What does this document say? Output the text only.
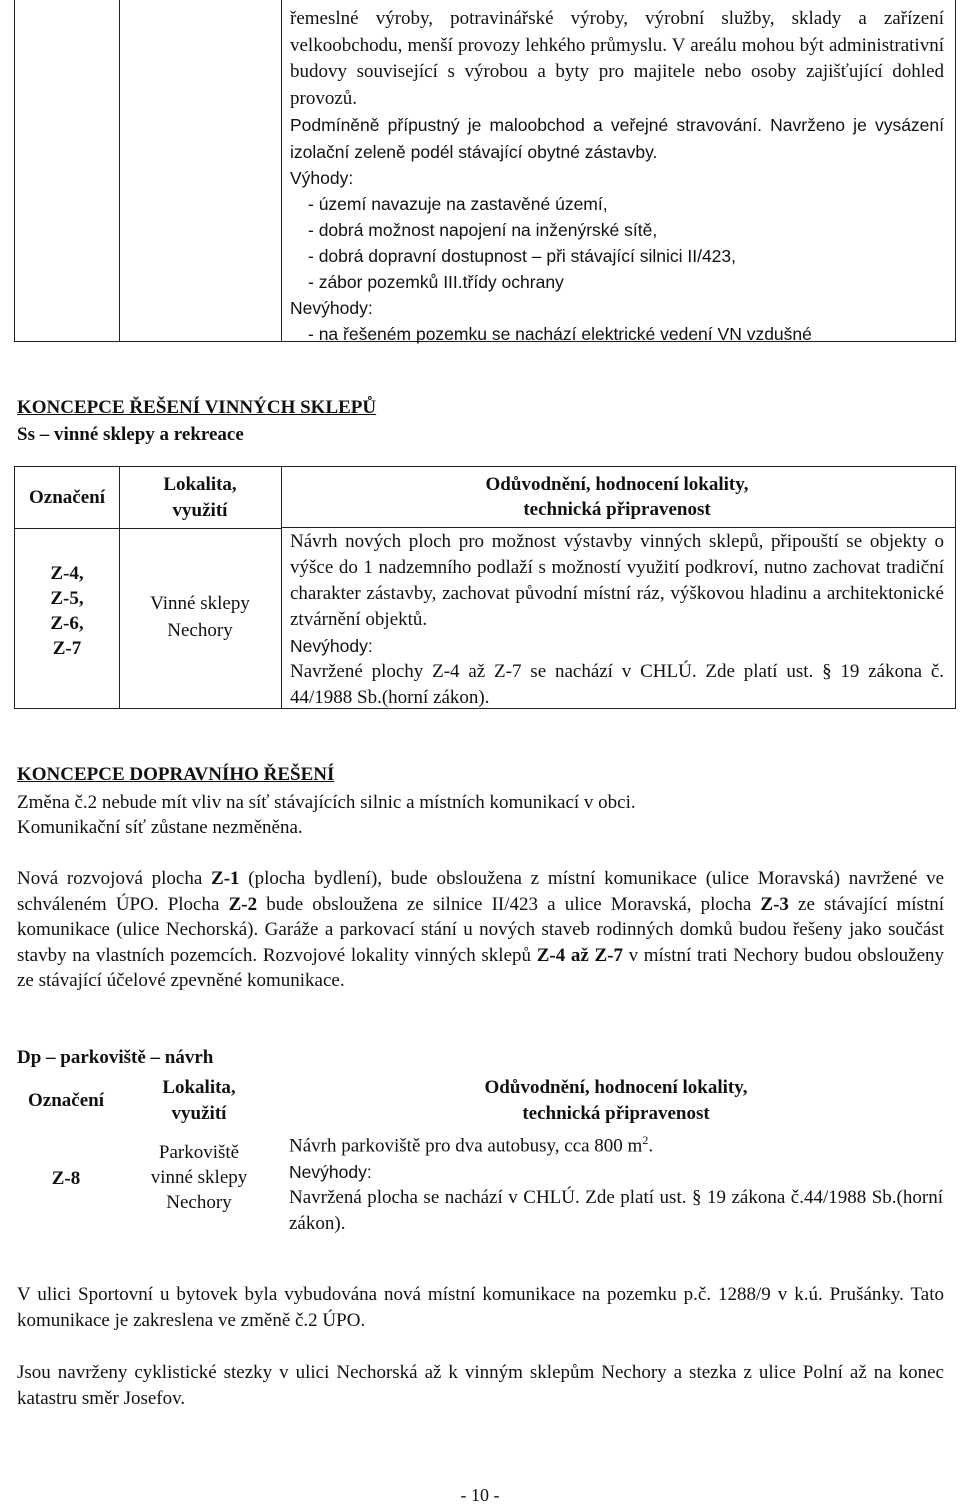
řemeslné výroby, potravinářské výroby, výrobní služby, sklady a zařízení velkoobchodu, menší provozy lehkého průmyslu. V areálu mohou být administrativní budovy související s výrobou a byty pro majitele nebo osoby zajišťující dohled provozů.

Podmíněně přípustný je maloobchod a veřejné stravování. Navrženo je vysázení izolační zeleně podél stávající obytné zástavby.

Výhody:
- území navazuje na zastavěné území,
- dobrá možnost napojení na inženýrské sítě,
- dobrá dopravní dostupnost – při stávající silnici II/423,
- zábor pozemků III.třídy ochrany
Nevýhody:
- na řešeném pozemku se nachází elektrické vedení VN vzdušné
KONCEPCE ŘEŠENÍ VINNÝCH SKLEPŮ
Ss – vinné sklepy a rekreace
Označení
Z-4,
Z-5,
Z-6,
Z-7
Lokalita,
využití
Vinné sklepy
Nechory
Odůvodnění, hodnocení lokality,
technická připravenost

Návrh nových ploch pro možnost výstavby vinných sklepů, připouští se objekty o výšce do 1 nadzemního podlaží s možností využití podkroví, nutno zachovat tradiční charakter zástavby, zachovat původní místní ráz, výškovou hladinu a architektonické ztvárnění objektů.

Nevýhody:

Navržené plochy Z-4 až Z-7 se nachází v CHLÚ. Zde platí ust. § 19 zákona č. 44/1988 Sb.(horní zákon).

KONCEPCE DOPRAVNÍHO ŘEŠENÍ
Změna č.2 nebude mít vliv na síť stávajících silnic a místních komunikací v obci.
Komunikační síť zůstane nezměněna.

Nová rozvojová plocha Z-1 (plocha bydlení), bude obsloužena z místní komunikace (ulice Moravská) navržené ve schváleném ÚPO. Plocha Z-2 bude obsloužena ze silnice II/423 a ulice Moravská, plocha Z-3 ze stávající místní komunikace (ulice Nechorská). Garáže a parkovací stání u nových staveb rodinných domků budou řešeny jako součást stavby na vlastních pozemcích. Rozvojové lokality vinných sklepů Z-4 až Z-7 v místní trati Nechory budou obslouženy ze stávající účelové zpevněné komunikace.

Dp – parkoviště – návrh
Označení
Lokalita,
využití
Odůvodnění, hodnocení lokality,
technická připravenost
Z-8
Parkoviště
vinné sklepy
Nechory
Návrh parkoviště pro dva autobusy, cca 800 $m^2$.
Nevýhody:

Navržená plocha se nachází v CHLÚ. Zde platí ust. § 19 zákona č.44/1988 Sb.(horní zákon).

V ulici Sportovní u bytovek byla vybudována nová místní komunikace na pozemku p.č. 1288/9 v k.ú. Prušánky. Tato komunikace je zakreslena ve změně č.2 ÚPO.

Jsou navrženy cyklistické stezky v ulici Nechorská až k vinným sklepům Nechory a stezka z ulice Polní až na konec katastru směr Josefov.

- 10 -
